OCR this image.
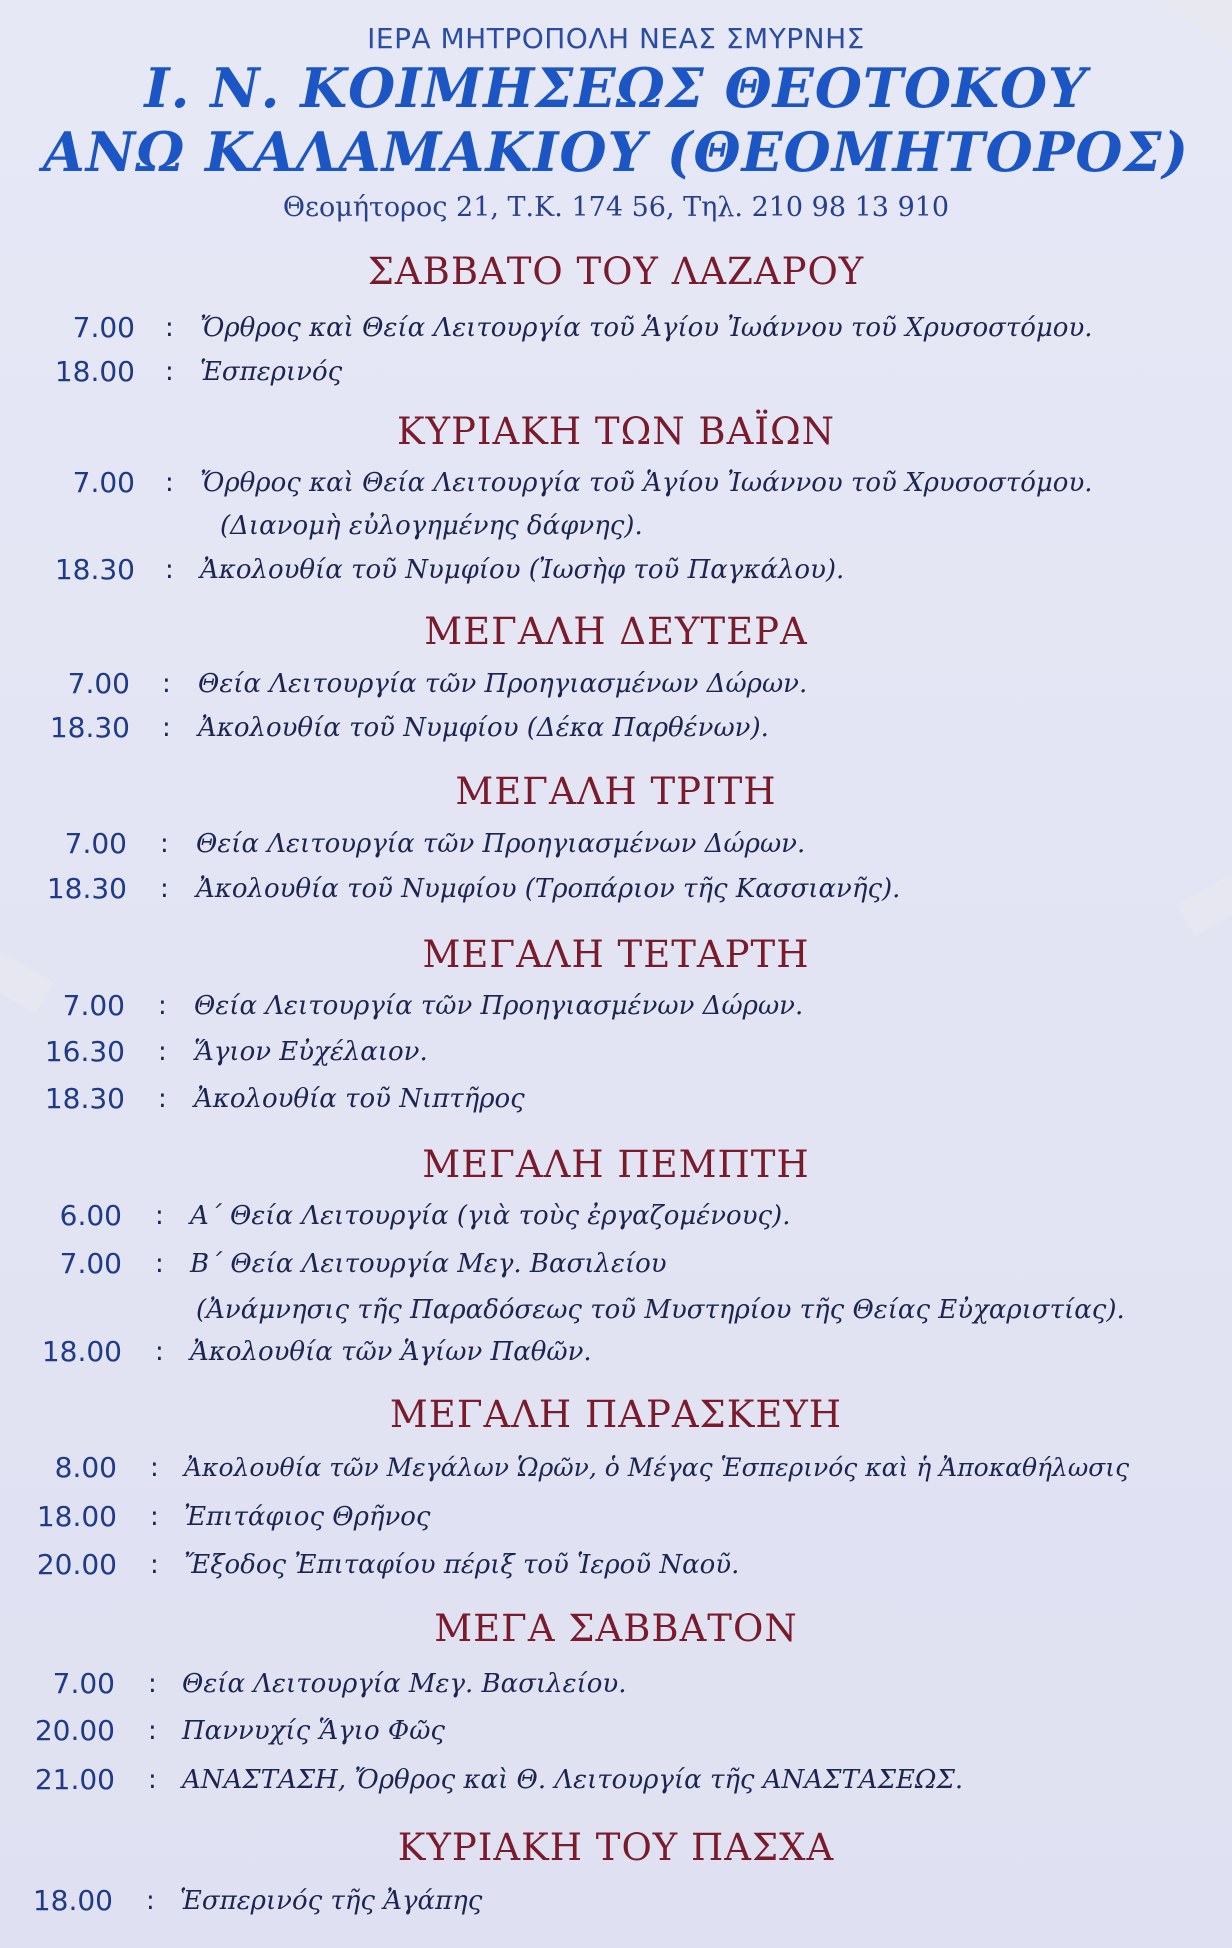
ΙΕΡΑ ΜΗΤΡΟΠΟΛΗ ΝΕΑΣ ΣΜΥΡΝΗΣ
Ι. Ν. ΚΟΙΜΗΣΕΩΣ ΘΕΟΤΟΚΟΥ
ΑΝΩ ΚΑΛΑΜΑΚΙΟΥ (ΘΕΟΜΗΤΟΡΟΣ)
Θεομήτορος 21, Τ.Κ. 174 56, Τηλ. 210 98 13 910
ΣΑΒΒΑΤΟ ΤΟΥ ΛΑΖΑΡΟΥ
7.00 : Ὄρθρος καὶ Θεία Λειτουργία τοῦ Ἁγίου Ἰωάννου τοῦ Χρυσοστόμου.
18.00 : Ἑσπερινός
ΚΥΡΙΑΚΗ ΤΩΝ ΒΑΪΩΝ
7.00 : Ὄρθρος καὶ Θεία Λειτουργία τοῦ Ἁγίου Ἰωάννου τοῦ Χρυσοστόμου.
(Διανομὴ εὐλογημένης δάφνης).
18.30 : Ἀκολουθία τοῦ Νυμφίου (Ἰωσὴφ τοῦ Παγκάλου).
ΜΕΓΑΛΗ ΔΕΥΤΕΡΑ
7.00 : Θεία Λειτουργία τῶν Προηγιασμένων Δώρων.
18.30 : Ἀκολουθία τοῦ Νυμφίου (Δέκα Παρθένων).
ΜΕΓΑΛΗ ΤΡΙΤΗ
7.00 : Θεία Λειτουργία τῶν Προηγιασμένων Δώρων.
18.30 : Ἀκολουθία τοῦ Νυμφίου (Τροπάριον τῆς Κασσιανῆς).
ΜΕΓΑΛΗ ΤΕΤΑΡΤΗ
7.00 : Θεία Λειτουργία τῶν Προηγιασμένων Δώρων.
16.30 : Ἅγιον Εὐχέλαιον.
18.30 : Ἀκολουθία τοῦ Νιπτῆρος
ΜΕΓΑΛΗ ΠΕΜΠΤΗ
6.00 : Α΄ Θεία Λειτουργία (γιὰ τοὺς ἐργαζομένους).
7.00 : Β΄ Θεία Λειτουργία Μεγ. Βασιλείου
(Ἀνάμνησις τῆς Παραδόσεως τοῦ Μυστηρίου τῆς Θείας Εὐχαριστίας).
18.00 : Ἀκολουθία τῶν Ἁγίων Παθῶν.
ΜΕΓΑΛΗ ΠΑΡΑΣΚΕΥΗ
8.00 : Ἀκολουθία τῶν Μεγάλων Ὡρῶν, ὁ Μέγας Ἑσπερινός καὶ ἡ Ἀποκαθήλωσις
18.00 : Ἐπιτάφιος Θρῆνος
20.00 : Ἔξοδος Ἐπιταφίου πέριξ τοῦ Ἱεροῦ Ναοῦ.
ΜΕΓΑ ΣΑΒΒΑΤΟΝ
7.00 : Θεία Λειτουργία Μεγ. Βασιλείου.
20.00 : Παννυχίς Ἅγιο Φῶς
21.00 : ΑΝΑΣΤΑΣΗ, Ὄρθρος καὶ Θ. Λειτουργία τῆς ΑΝΑΣΤΑΣΕΩΣ.
ΚΥΡΙΑΚΗ ΤΟΥ ΠΑΣΧΑ
18.00 : Ἑσπερινός τῆς Ἀγάπης
